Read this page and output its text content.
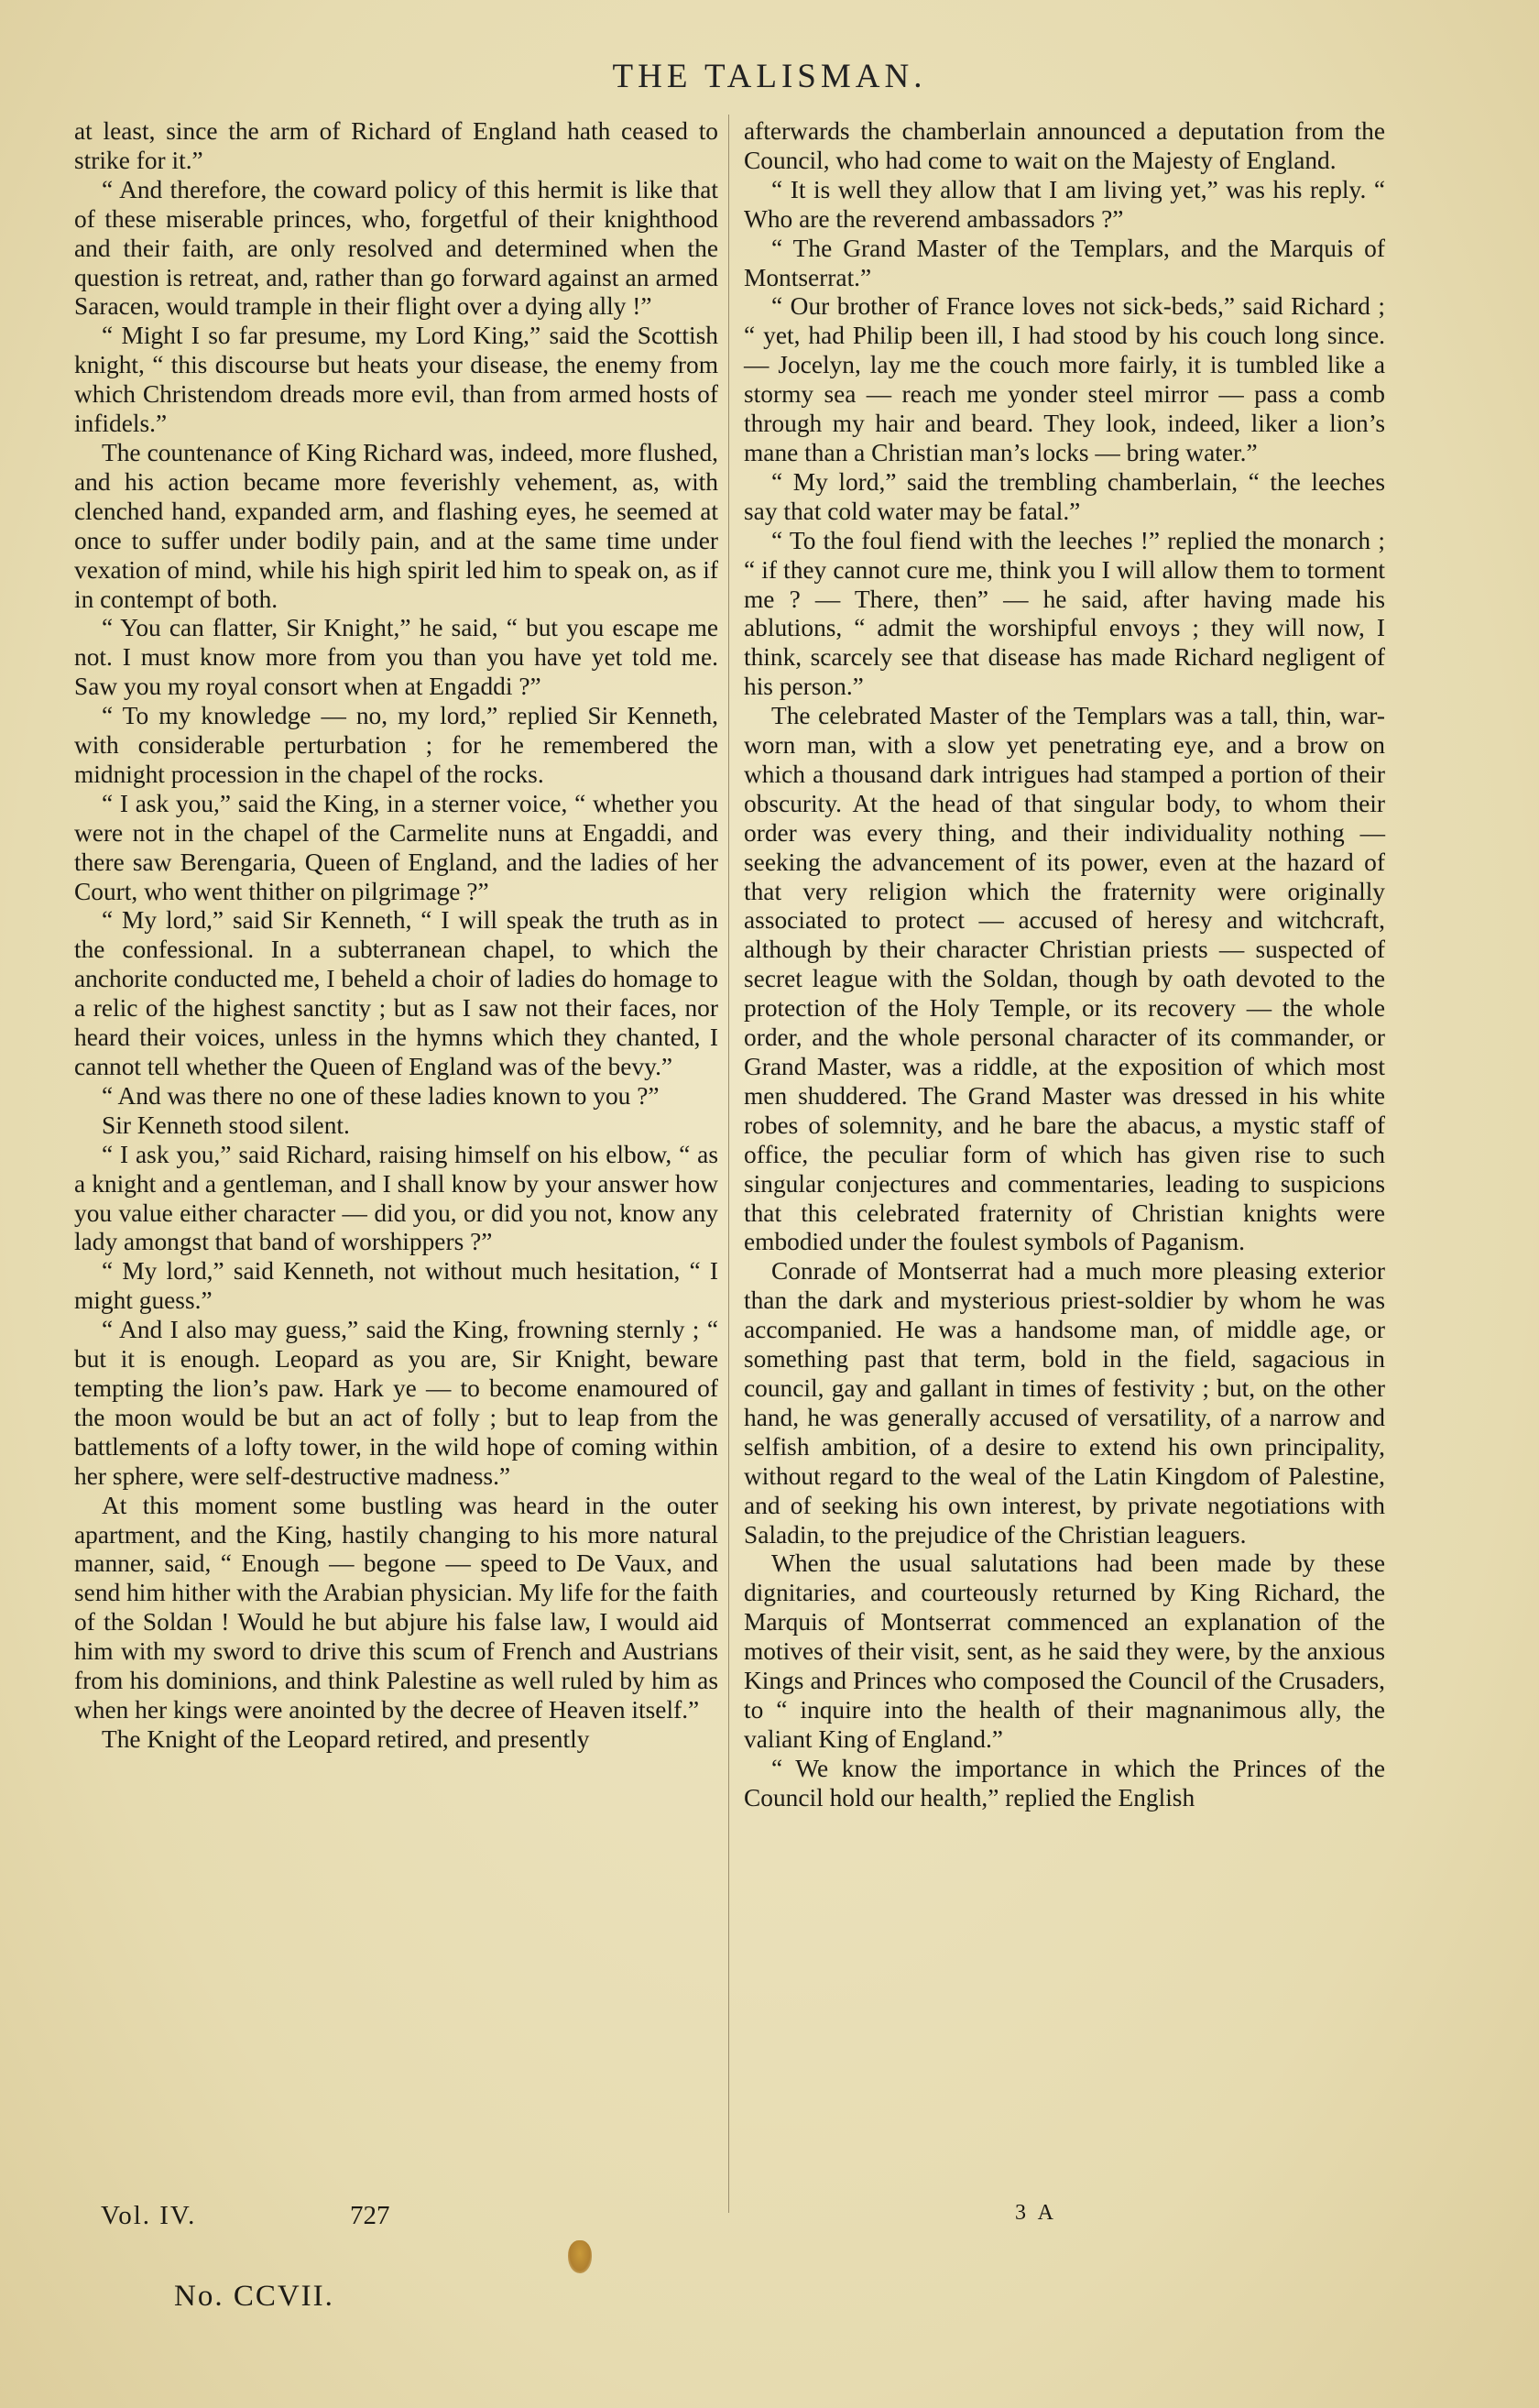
THE TALISMAN.

at least, since the arm of Richard of England hath ceased to strike for it.”

“ And therefore, the coward policy of this hermit is like that of these miserable princes, who, forgetful of their knighthood and their faith, are only resolved and determined when the question is retreat, and, rather than go forward against an armed Saracen, would trample in their flight over a dying ally !”

“ Might I so far presume, my Lord King,” said the Scottish knight, “ this discourse but heats your disease, the enemy from which Christendom dreads more evil, than from armed hosts of infidels.”

The countenance of King Richard was, indeed, more flushed, and his action became more feverishly vehement, as, with clenched hand, expanded arm, and flashing eyes, he seemed at once to suffer under bodily pain, and at the same time under vexation of mind, while his high spirit led him to speak on, as if in contempt of both.

“ You can flatter, Sir Knight,” he said, “ but you escape me not. I must know more from you than you have yet told me. Saw you my royal consort when at Engaddi ?”

“ To my knowledge — no, my lord,” replied Sir Kenneth, with considerable perturbation ; for he remembered the midnight procession in the chapel of the rocks.

“ I ask you,” said the King, in a sterner voice, “ whether you were not in the chapel of the Carmelite nuns at Engaddi, and there saw Berengaria, Queen of England, and the ladies of her Court, who went thither on pilgrimage ?”

“ My lord,” said Sir Kenneth, “ I will speak the truth as in the confessional. In a subterranean chapel, to which the anchorite conducted me, I beheld a choir of ladies do homage to a relic of the highest sanctity ; but as I saw not their faces, nor heard their voices, unless in the hymns which they chanted, I cannot tell whether the Queen of England was of the bevy.”

“ And was there no one of these ladies known to you ?”

Sir Kenneth stood silent.

“ I ask you,” said Richard, raising himself on his elbow, “ as a knight and a gentleman, and I shall know by your answer how you value either character — did you, or did you not, know any lady amongst that band of worshippers ?”

“ My lord,” said Kenneth, not without much hesitation, “ I might guess.”

“ And I also may guess,” said the King, frowning sternly ; “ but it is enough. Leopard as you are, Sir Knight, beware tempting the lion’s paw. Hark ye — to become enamoured of the moon would be but an act of folly ; but to leap from the battlements of a lofty tower, in the wild hope of coming within her sphere, were self-destructive madness.”

At this moment some bustling was heard in the outer apartment, and the King, hastily changing to his more natural manner, said, “ Enough — begone — speed to De Vaux, and send him hither with the Arabian physician. My life for the faith of the Soldan ! Would he but abjure his false law, I would aid him with my sword to drive this scum of French and Austrians from his dominions, and think Palestine as well ruled by him as when her kings were anointed by the decree of Heaven itself.”

The Knight of the Leopard retired, and presently

afterwards the chamberlain announced a deputation from the Council, who had come to wait on the Majesty of England.

“ It is well they allow that I am living yet,” was his reply. “ Who are the reverend ambassadors ?”

“ The Grand Master of the Templars, and the Marquis of Montserrat.”

“ Our brother of France loves not sick-beds,” said Richard ; “ yet, had Philip been ill, I had stood by his couch long since. — Jocelyn, lay me the couch more fairly, it is tumbled like a stormy sea — reach me yonder steel mirror — pass a comb through my hair and beard. They look, indeed, liker a lion’s mane than a Christian man’s locks — bring water.”

“ My lord,” said the trembling chamberlain, “ the leeches say that cold water may be fatal.”

“ To the foul fiend with the leeches !” replied the monarch ; “ if they cannot cure me, think you I will allow them to torment me ? — There, then” — he said, after having made his ablutions, “ admit the worshipful envoys ; they will now, I think, scarcely see that disease has made Richard negligent of his person.”

The celebrated Master of the Templars was a tall, thin, war-worn man, with a slow yet penetrating eye, and a brow on which a thousand dark intrigues had stamped a portion of their obscurity. At the head of that singular body, to whom their order was every thing, and their individuality nothing — seeking the advancement of its power, even at the hazard of that very religion which the fraternity were originally associated to protect — accused of heresy and witchcraft, although by their character Christian priests — suspected of secret league with the Soldan, though by oath devoted to the protection of the Holy Temple, or its recovery — the whole order, and the whole personal character of its commander, or Grand Master, was a riddle, at the exposition of which most men shuddered. The Grand Master was dressed in his white robes of solemnity, and he bare the abacus, a mystic staff of office, the peculiar form of which has given rise to such singular conjectures and commentaries, leading to suspicions that this celebrated fraternity of Christian knights were embodied under the foulest symbols of Paganism.

Conrade of Montserrat had a much more pleasing exterior than the dark and mysterious priest-soldier by whom he was accompanied. He was a handsome man, of middle age, or something past that term, bold in the field, sagacious in council, gay and gallant in times of festivity ; but, on the other hand, he was generally accused of versatility, of a narrow and selfish ambition, of a desire to extend his own principality, without regard to the weal of the Latin Kingdom of Palestine, and of seeking his own interest, by private negotiations with Saladin, to the prejudice of the Christian leaguers.

When the usual salutations had been made by these dignitaries, and courteously returned by King Richard, the Marquis of Montserrat commenced an explanation of the motives of their visit, sent, as he said they were, by the anxious Kings and Princes who composed the Council of the Crusaders, to “ inquire into the health of their magnanimous ally, the valiant King of England.”

“ We know the importance in which the Princes of the Council hold our health,” replied the English

Vol. IV.	727	3 A
No. CCVII.
